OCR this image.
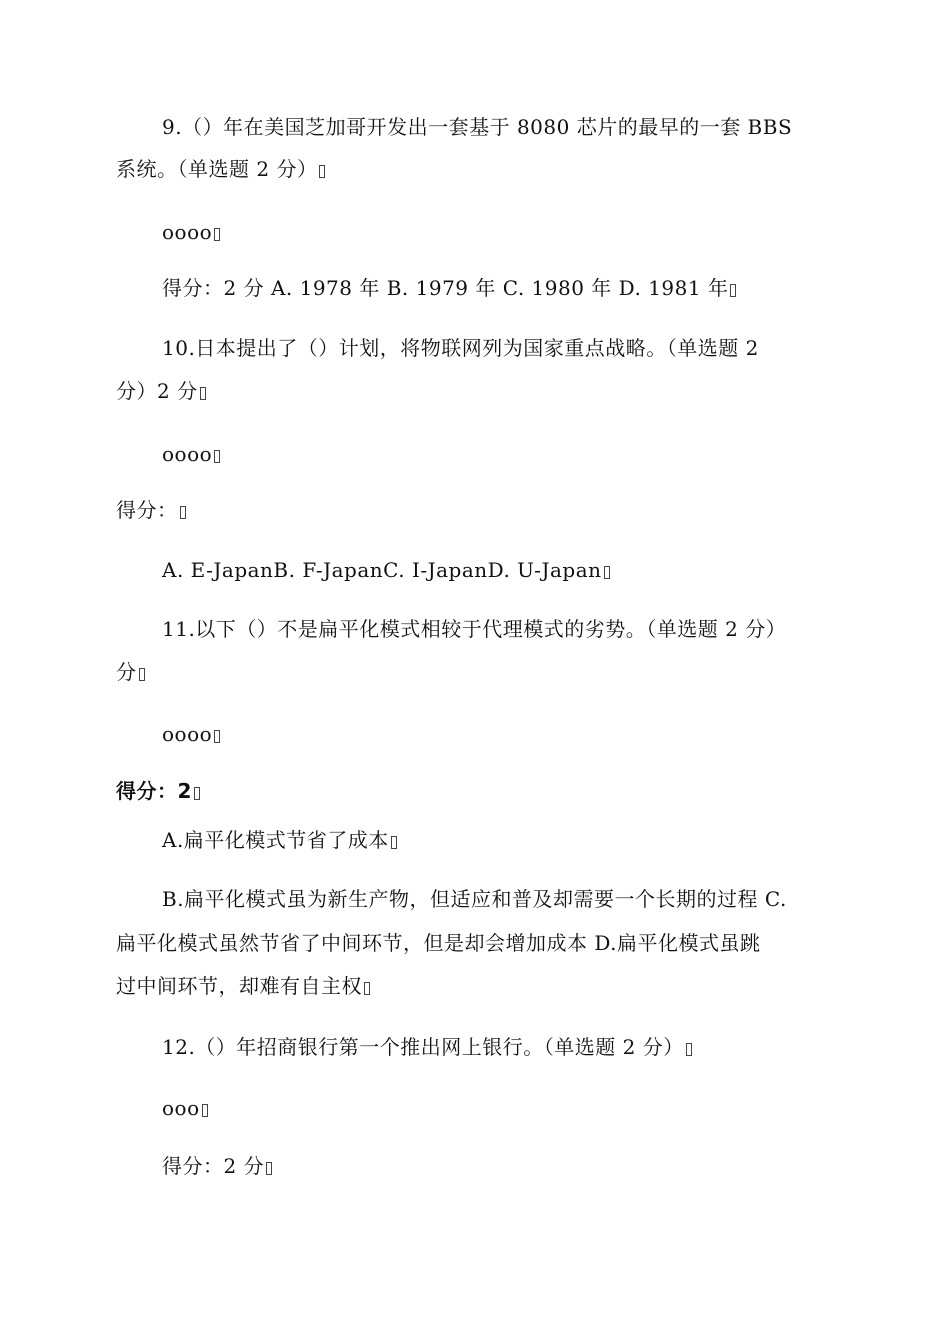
9.（）年在美国芝加哥开发出一套基于 8080 芯片的最早的一套 BBS

系统。（单选题 2 分）

oooo

得分：2 分 A. 1978 年 B. 1979 年 C. 1980 年 D. 1981 年

10.日本提出了（）计划，将物联网列为国家重点战略。（单选题 2

分）2 分

oooo

得分：

A. E-JapanB. F-JapanC. I-JapanD. U-Japan

11.以下（）不是扁平化模式相较于代理模式的劣势。（单选题 2 分）

分

oooo

得分：2

A.扁平化模式节省了成本

B.扁平化模式虽为新生产物，但适应和普及却需要一个长期的过程 C.

扁平化模式虽然节省了中间环节，但是却会增加成本 D.扁平化模式虽跳

过中间环节，却难有自主权

12.（）年招商银行第一个推出网上银行。（单选题 2 分）

ooo

得分：2 分
